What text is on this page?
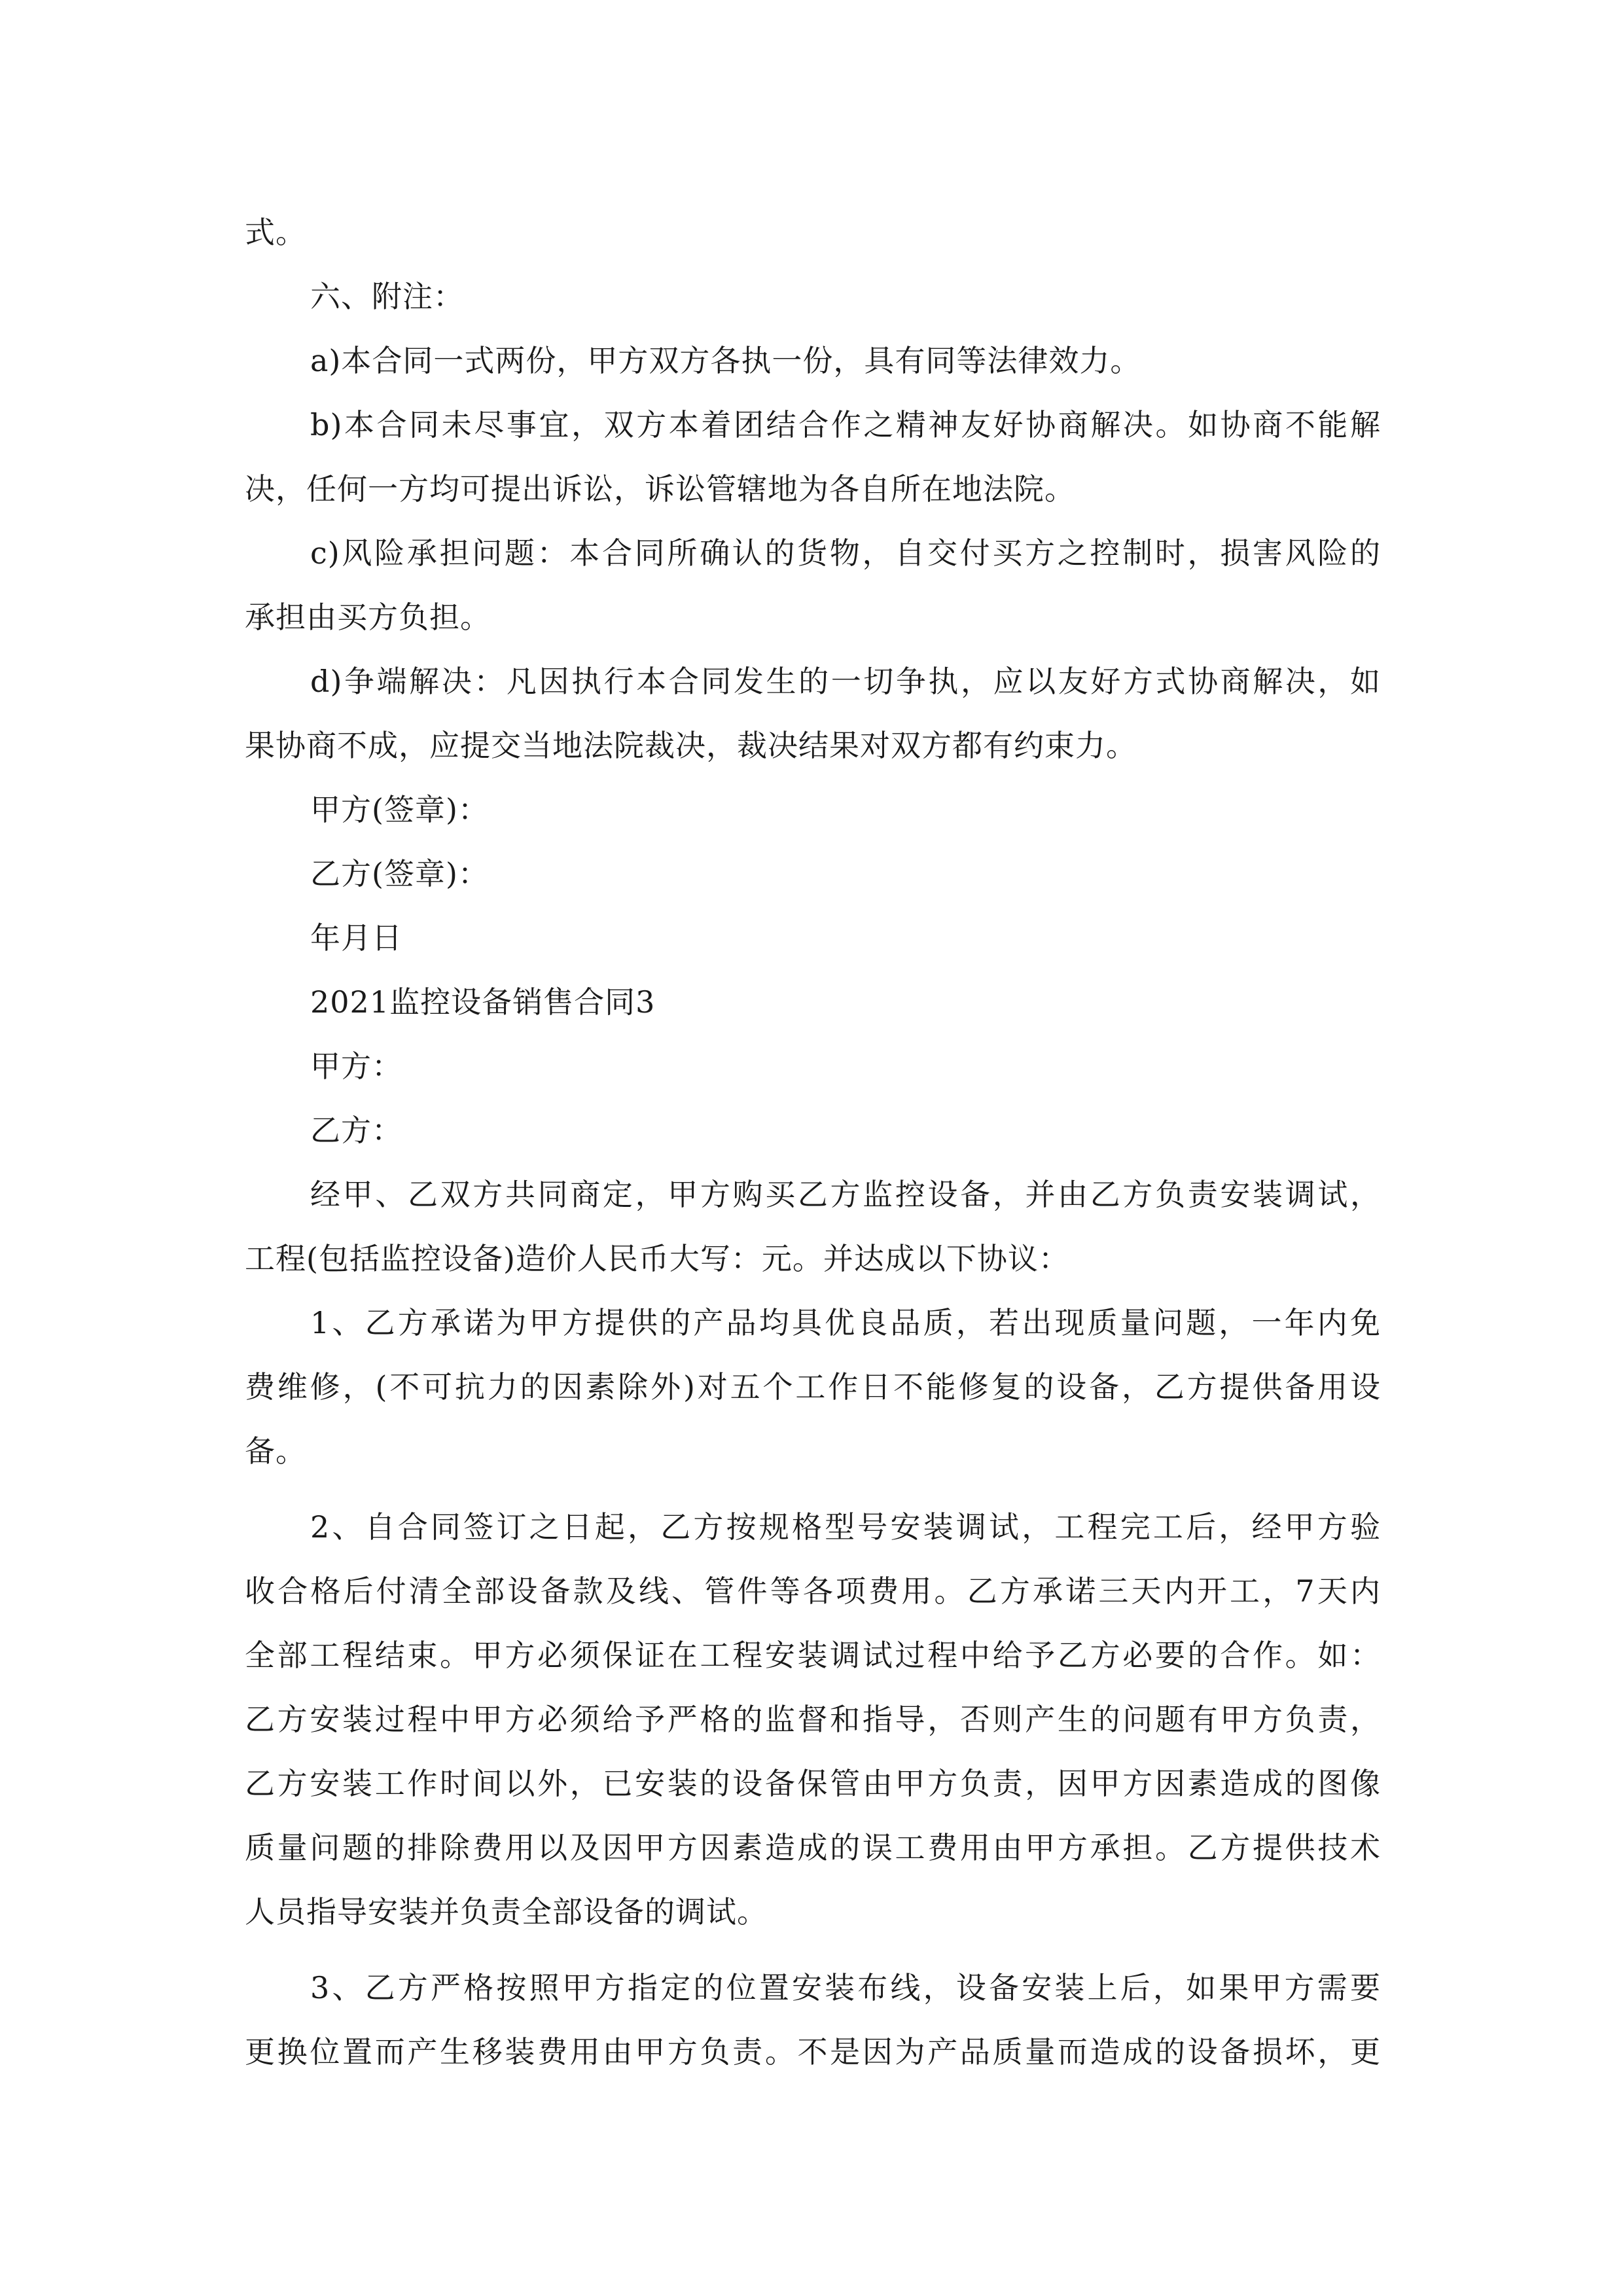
式。
六、附注：
a)本合同一式两份，甲方双方各执一份，具有同等法律效力。
b)本合同未尽事宜，双方本着团结合作之精神友好协商解决。如协商不能解
决，任何一方均可提出诉讼，诉讼管辖地为各自所在地法院。
c)风险承担问题：本合同所确认的货物，自交付买方之控制时，损害风险的
承担由买方负担。
d)争端解决：凡因执行本合同发生的一切争执，应以友好方式协商解决，如
果协商不成，应提交当地法院裁决，裁决结果对双方都有约束力。
甲方(签章)：
乙方(签章)：
年月日
2021监控设备销售合同3
甲方：
乙方：
经甲、乙双方共同商定，甲方购买乙方监控设备，并由乙方负责安装调试，
工程(包括监控设备)造价人民币大写：元。并达成以下协议：
1、乙方承诺为甲方提供的产品均具优良品质，若出现质量问题，一年内免
费维修，(不可抗力的因素除外)对五个工作日不能修复的设备，乙方提供备用设
备。
2、自合同签订之日起，乙方按规格型号安装调试，工程完工后，经甲方验
收合格后付清全部设备款及线、管件等各项费用。乙方承诺三天内开工，7天内
全部工程结束。甲方必须保证在工程安装调试过程中给予乙方必要的合作。如：
乙方安装过程中甲方必须给予严格的监督和指导，否则产生的问题有甲方负责，
乙方安装工作时间以外，已安装的设备保管由甲方负责，因甲方因素造成的图像
质量问题的排除费用以及因甲方因素造成的误工费用由甲方承担。乙方提供技术
人员指导安装并负责全部设备的调试。
3、乙方严格按照甲方指定的位置安装布线，设备安装上后，如果甲方需要
更换位置而产生移装费用由甲方负责。不是因为产品质量而造成的设备损坏，更
